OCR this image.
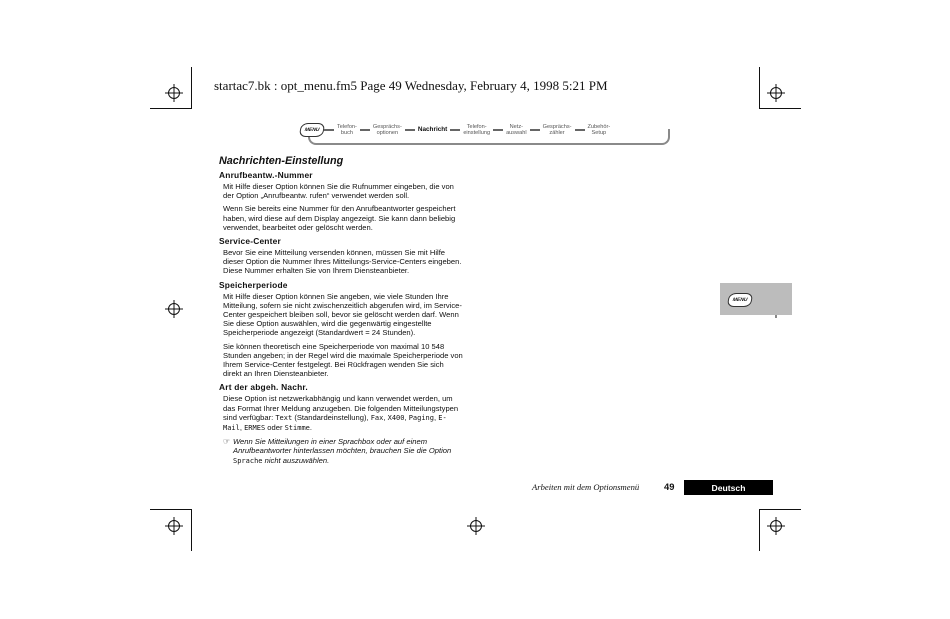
startac7.bk : opt_menu.fm5 Page 49 Wednesday, February 4, 1998 5:21 PM
MENU	Telefon-
buch
Gesprächs-
optionen	Nachricht	Telefon-
einstellung
Netz-
auswahl
Gesprächs-
zähler
Zubehör-
Setup
Nachrichten-Einstellung
Anrufbeantw.-Nummer
Mit Hilfe dieser Option können Sie die Rufnummer eingeben, die von der Option „Anrufbeantw. rufen“ verwendet werden soll.
Wenn Sie bereits eine Nummer für den Anrufbeantworter gespeichert haben, wird diese auf dem Display angezeigt. Sie kann dann beliebig verwendet, bearbeitet oder gelöscht werden.
Service-Center
Bevor Sie eine Mitteilung versenden können, müssen Sie mit Hilfe dieser Option die Nummer Ihres Mitteilungs-Service-Centers eingeben. Diese Nummer erhalten Sie von Ihrem Diensteanbieter.
Speicherperiode
Mit Hilfe dieser Option können Sie angeben, wie viele Stunden Ihre Mitteilung, sofern sie nicht zwischenzeitlich abgerufen wird, im Service-Center gespeichert bleiben soll, bevor sie gelöscht werden darf. Wenn Sie diese Option auswählen, wird die gegenwärtig eingestellte Speicherperiode angezeigt (Standardwert = 24 Stunden).
Sie können theoretisch eine Speicherperiode von maximal 10 548 Stunden angeben; in der Regel wird die maximale Speicherperiode von Ihrem Service-Center festgelegt. Bei Rückfragen wenden Sie sich direkt an Ihren Diensteanbieter.
Art der abgeh. Nachr.
Diese Option ist netzwerkabhängig und kann verwendet werden, um das Format Ihrer Meldung anzugeben. Die folgenden Mitteilungstypen sind verfügbar: Text (Standardeinstellung), Fax, X400, Paging, E-Mail, ERMES oder Stimme.
☞ Wenn Sie Mitteilungen in einer Sprachbox oder auf einem Anrufbeantworter hinterlassen möchten, brauchen Sie die Option Sprache nicht auszuwählen.
MENU
Arbeiten mit dem Optionsmenü	49	Deutsch
